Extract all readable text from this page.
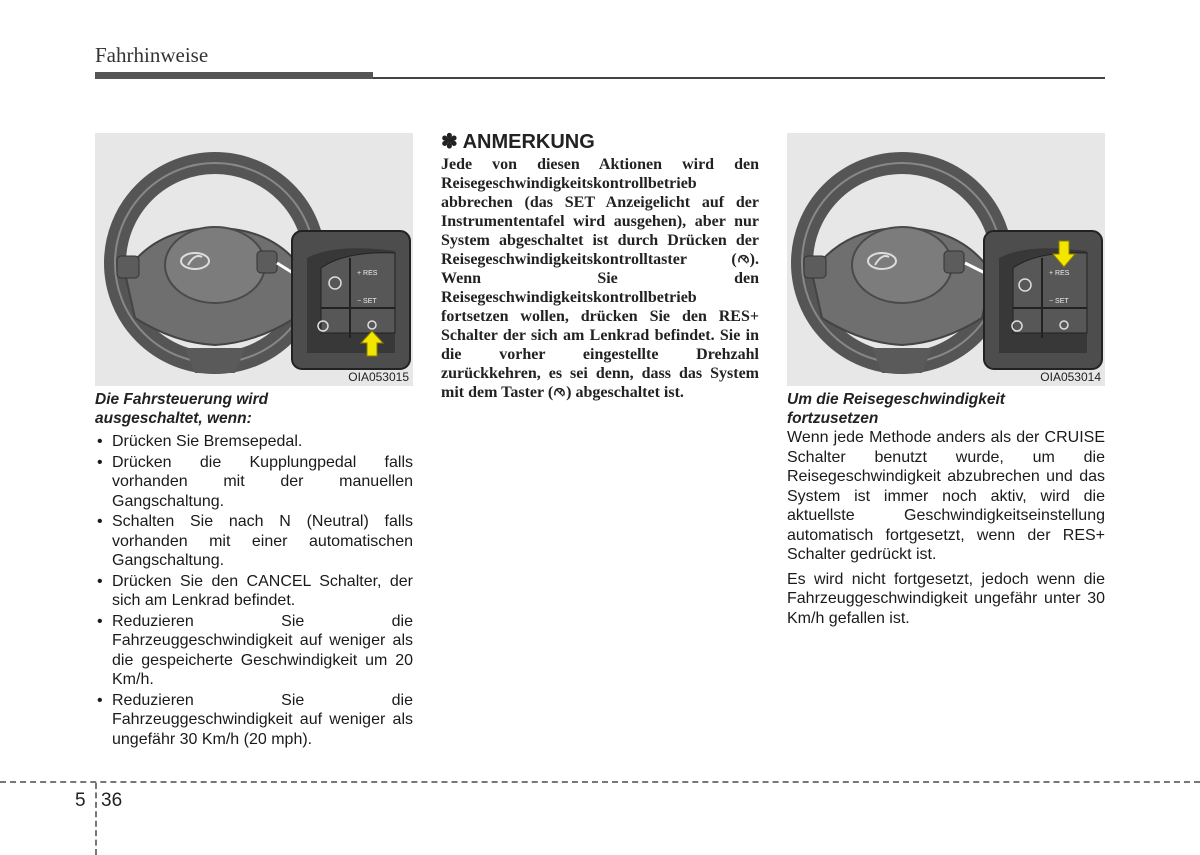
Fahrhinweise
+ RES
− SET
OIA053015
Die Fahrsteuerung wird
ausgeschaltet, wenn:
• Drücken Sie Bremsepedal.
• Drücken die Kupplungpedal falls vorhanden mit der manuellen Gangschaltung.
• Schalten Sie nach N (Neutral) falls vorhanden mit einer automatischen Gangschaltung.
• Drücken Sie den CANCEL Schalter, der sich am Lenkrad befindet.
• Reduzieren Sie die Fahrzeuggeschwindigkeit auf weniger als die gespeicherte Geschwindigkeit um 20 Km/h.
• Reduzieren Sie die Fahrzeuggeschwindigkeit auf weniger als ungefähr 30 Km/h (20 mph).
✽ ANMERKUNG
Jede von diesen Aktionen wird den Reisegeschwindigkeitskontrollbetrieb abbrechen (das SET Anzeigelicht auf der Instrumententafel wird ausgehen), aber nur System abgeschaltet ist durch Drücken der Reisegeschwindigkeitskontrolltaster ( ). Wenn Sie den Reisegeschwindigkeitskontrollbetrieb fortsetzen wollen, drücken Sie den RES+ Schalter der sich am Lenkrad befindet. Sie in die vorher eingestellte Drehzahl zurückkehren, es sei denn, dass das System mit dem Taster ( ) abgeschaltet ist.
+ RES
− SET
OIA053014
Um die Reisegeschwindigkeit
fortzusetzen

Wenn jede Methode anders als der CRUISE Schalter benutzt wurde, um die Reisegeschwindigkeit abzubrechen und das System ist immer noch aktiv, wird die aktuellste Geschwindigkeitseinstellung automatisch fortgesetzt, wenn der RES+ Schalter gedrückt ist.

Es wird nicht fortgesetzt, jedoch wenn die Fahrzeuggeschwindigkeit ungefähr unter 30 Km/h gefallen ist.

5 36
